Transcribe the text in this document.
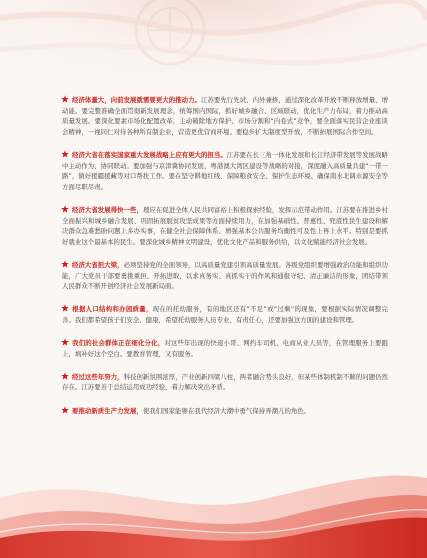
经济体量大，向前发展就需要更大的推动力。江苏要先行先试、内外兼修，通过深化改革开放不断释放增量、增动能。要完整准确全面贯彻新发展理念，统筹国内国际，抓好城乡融合、区域联动，优化生产力布局，着力推动高质量发展。要深化要素市场化配置改革，主动破除地方保护、市场分割和“内卷式”竞争，要全面落实民营企业座谈会精神，一视同仁对待各种所有制企业，营造更优营商环境。要稳步扩大制度型开放，不断拓展国际合作空间。

经济大省在落实国家重大发展战略上应有更大的担当。江苏要在长三角一体化发展和长江经济带发展等发展战略中主动作为、协同联动。要加强与京津冀协同发展、粤港澳大湾区建设等战略的对接，深度融入高质量共建“一带一路”，做好援疆援藏等对口帮扶工作。要在坚守耕地红线、保障粮食安全、保护生态环境、确保南水北调水源安全等方面尽职尽责。

经济大省发展得快一些，理应在促进全体人民共同富裕上积极探索经验，发挥示范带动作用。江苏要在推进乡村全面振兴和城乡融合发展、巩固拓展脱贫攻坚成果等方面持续用力，在加强基础性、普惠性、兜底性民生建设和解决群众急难愁盼问题上多办实事，在健全社会保障体系、增强基本公共服务均衡性可及性上再上水平。特别是要抓好就业这个最基本的民生。要深化城乡精神文明建设，优化文化产品和服务供给，以文化赋能经济社会发展。

经济大省担大梁，必须坚持党的全面领导，以高质量党建引领高质量发展。各级党组织要增强政治功能和组织功能，广大党员干部要勇挑重担、开拓进取，以求真务实、真抓实干的作风和通报守纪、清正廉洁的形象，团结带领人民群众不断开创经济社会发展新局面。

根据人口结构和办园质量，现在的托幼服务，有的地区还有“不足”或“过剩”的现象，要根据实际情况调整完善。我们都希望孩子们安全、健康，希望托幼服务人员专业、有责任心，还要加强这方面的建设和管理。

我们的社会群体正在细化分化，对这些年出现的快递小哥、网约车司机、电商从业人员等，在管理服务上要跟上，填补好这个空白。要教育管理，又有服务。

经过这些年努力，科技创新氛围浓厚，产业创新四梁八柱，两者融合势头良好，但某些体制机制不顺的问题仍然存在。江苏要善于总结运用成功经验，着力解决突出矛盾。

要推动新质生产力发展，使我们国家能够在我代经济大潮中勇气保持弄潮儿的角色。
